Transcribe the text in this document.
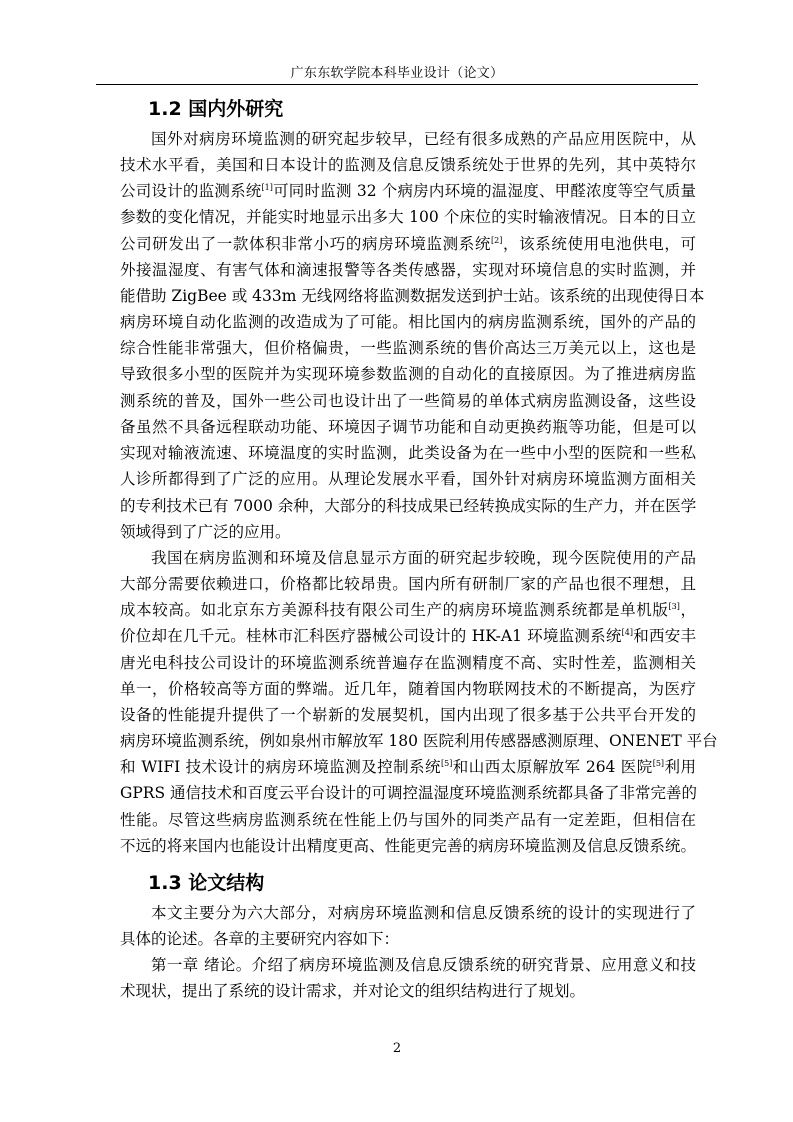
广东东软学院本科毕业设计（论文）
1.2 国内外研究
国外对病房环境监测的研究起步较早，已经有很多成熟的产品应用医院中，从
技术水平看，美国和日本设计的监测及信息反馈系统处于世界的先列，其中英特尔
公司设计的监测系统[1]可同时监测 32 个病房内环境的温湿度、甲醛浓度等空气质量
参数的变化情况，并能实时地显示出多大 100 个床位的实时输液情况。日本的日立
公司研发出了一款体积非常小巧的病房环境监测系统[2]，该系统使用电池供电，可
外接温湿度、有害气体和滴速报警等各类传感器，实现对环境信息的实时监测，并
能借助 ZigBee 或 433m 无线网络将监测数据发送到护士站。该系统的出现使得日本
病房环境自动化监测的改造成为了可能。相比国内的病房监测系统，国外的产品的
综合性能非常强大，但价格偏贵，一些监测系统的售价高达三万美元以上，这也是
导致很多小型的医院并为实现环境参数监测的自动化的直接原因。为了推进病房监
测系统的普及，国外一些公司也设计出了一些简易的单体式病房监测设备，这些设
备虽然不具备远程联动功能、环境因子调节功能和自动更换药瓶等功能，但是可以
实现对输液流速、环境温度的实时监测，此类设备为在一些中小型的医院和一些私
人诊所都得到了广泛的应用。从理论发展水平看，国外针对病房环境监测方面相关
的专利技术已有 7000 余种，大部分的科技成果已经转换成实际的生产力，并在医学
领域得到了广泛的应用。
我国在病房监测和环境及信息显示方面的研究起步较晚，现今医院使用的产品
大部分需要依赖进口，价格都比较昂贵。国内所有研制厂家的产品也很不理想，且
成本较高。如北京东方美源科技有限公司生产的病房环境监测系统都是单机版[3]，
价位却在几千元。桂林市汇科医疗器械公司设计的 HK-A1 环境监测系统[4]和西安丰
唐光电科技公司设计的环境监测系统普遍存在监测精度不高、实时性差，监测相关
单一，价格较高等方面的弊端。近几年，随着国内物联网技术的不断提高，为医疗
设备的性能提升提供了一个崭新的发展契机，国内出现了很多基于公共平台开发的
病房环境监测系统，例如泉州市解放军 180 医院利用传感器感测原理、ONENET 平台
和 WIFI 技术设计的病房环境监测及控制系统[5]和山西太原解放军 264 医院[5]利用
GPRS 通信技术和百度云平台设计的可调控温湿度环境监测系统都具备了非常完善的
性能。尽管这些病房监测系统在性能上仍与国外的同类产品有一定差距，但相信在
不远的将来国内也能设计出精度更高、性能更完善的病房环境监测及信息反馈系统。
1.3 论文结构
本文主要分为六大部分，对病房环境监测和信息反馈系统的设计的实现进行了
具体的论述。各章的主要研究内容如下：
第一章 绪论。介绍了病房环境监测及信息反馈系统的研究背景、应用意义和技
术现状，提出了系统的设计需求，并对论文的组织结构进行了规划。
2
